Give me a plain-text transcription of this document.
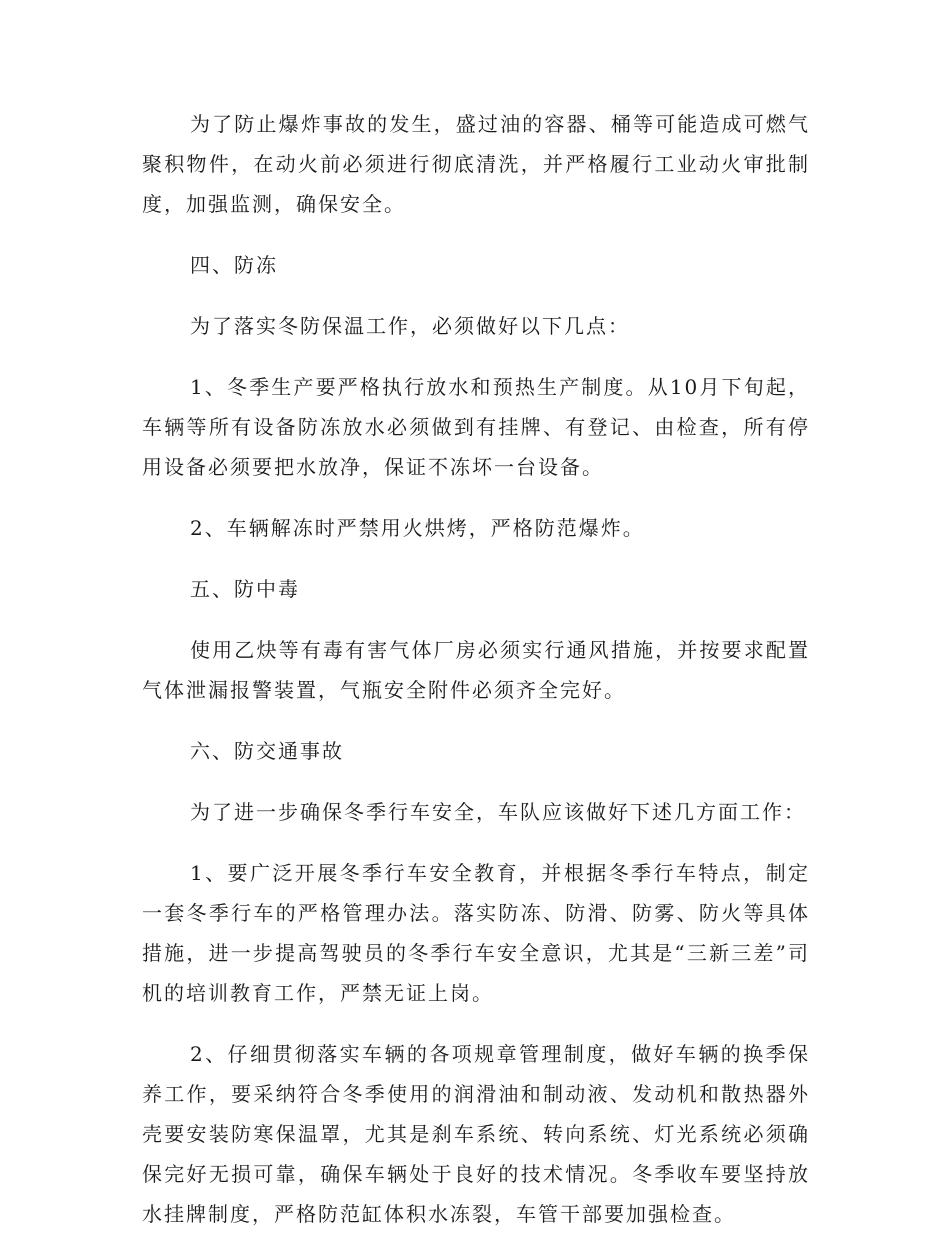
为了防止爆炸事故的发生，盛过油的容器、桶等可能造成可燃气聚积物件，在动火前必须进行彻底清洗，并严格履行工业动火审批制度，加强监测，确保安全。

四、防冻

为了落实冬防保温工作，必须做好以下几点：

1、冬季生产要严格执行放水和预热生产制度。从10月下旬起，车辆等所有设备防冻放水必须做到有挂牌、有登记、由检查，所有停用设备必须要把水放净，保证不冻坏一台设备。

2、车辆解冻时严禁用火烘烤，严格防范爆炸。

五、防中毒

使用乙炔等有毒有害气体厂房必须实行通风措施，并按要求配置气体泄漏报警装置，气瓶安全附件必须齐全完好。

六、防交通事故

为了进一步确保冬季行车安全，车队应该做好下述几方面工作：

1、要广泛开展冬季行车安全教育，并根据冬季行车特点，制定一套冬季行车的严格管理办法。落实防冻、防滑、防雾、防火等具体措施，进一步提高驾驶员的冬季行车安全意识，尤其是“三新三差”司机的培训教育工作，严禁无证上岗。

2、仔细贯彻落实车辆的各项规章管理制度，做好车辆的换季保养工作，要采纳符合冬季使用的润滑油和制动液、发动机和散热器外壳要安装防寒保温罩，尤其是刹车系统、转向系统、灯光系统必须确保完好无损可靠，确保车辆处于良好的技术情况。冬季收车要坚持放水挂牌制度，严格防范缸体积水冻裂，车管干部要加强检查。
